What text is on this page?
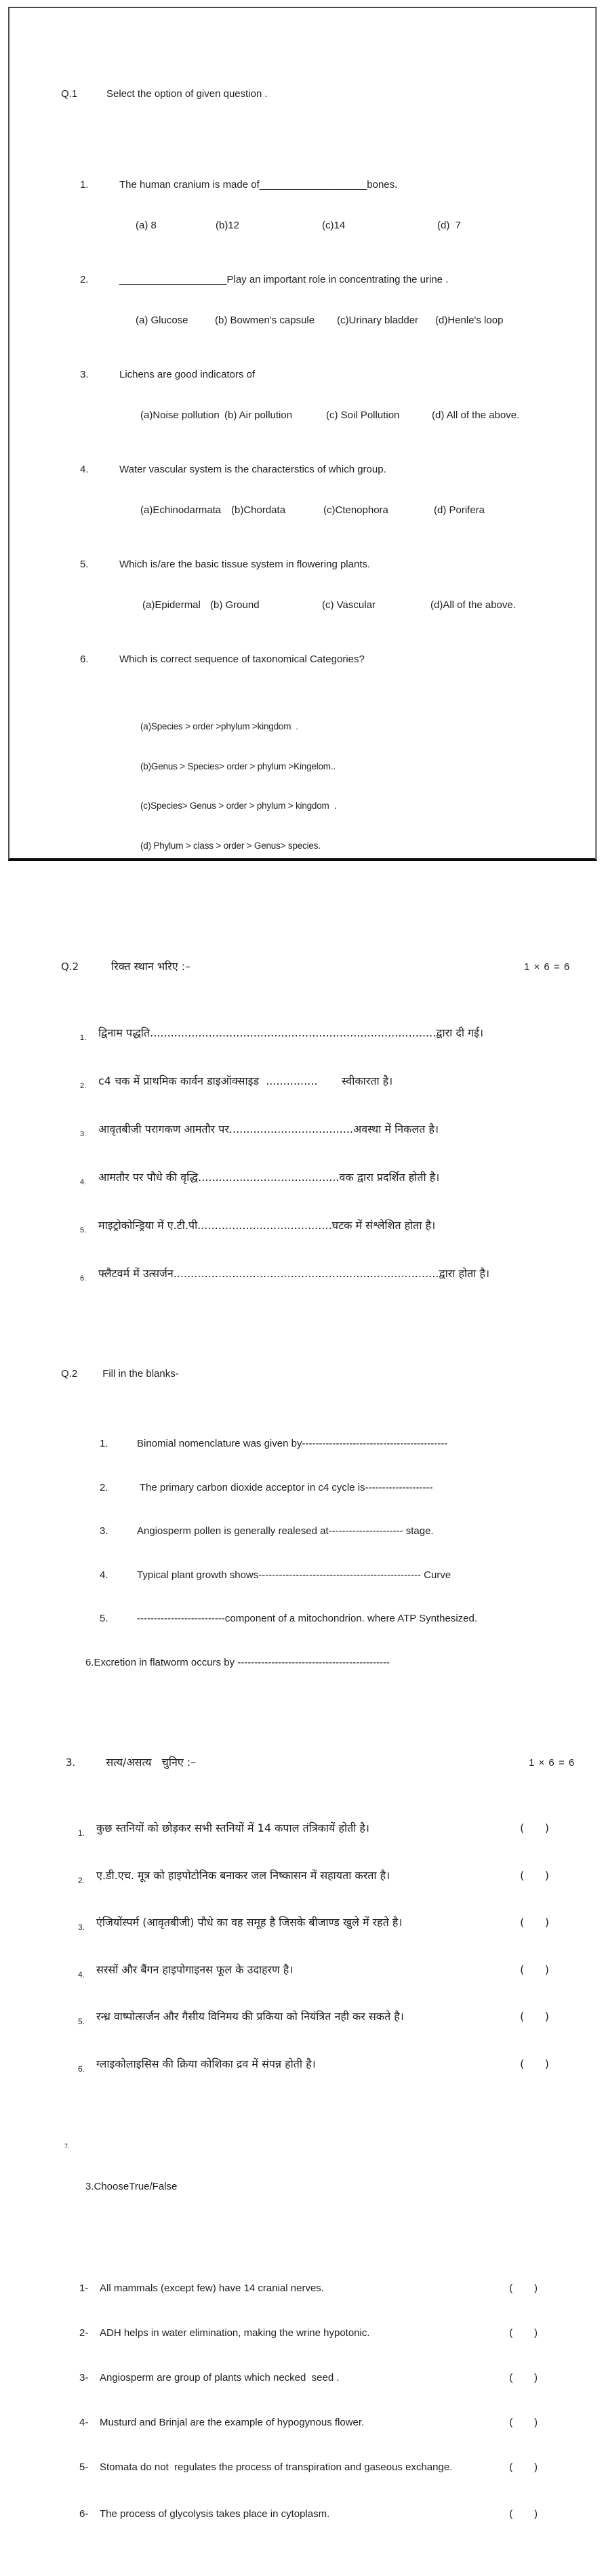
Q.1	Select the option of given question .

1.	The human cranium is made of___________________bones.

(a) 8	(b)12	(c)14	(d)  7

2.	___________________Play an important role in concentrating the urine .

(a) Glucose	(b) Bowmen's capsule	(c)Urinary bladder	(d)Henle's loop

3.	Lichens are good indicators of

(a)Noise pollution (b) Air pollution	(c) Soil Pollution	(d) All of the above.

4.	Water vascular system is the characterstics of which group.

(a)Echinodarmata (b)Chordata	(c)Ctenophora	(d) Porifera

5.	Which is/are the basic tissue system in flowering plants.

(a)Epidermal (b) Ground	(c) Vascular	(d)All of the above.

6.	Which is correct sequence of taxonomical Categories?

(a)Species > order >phylum >kingdom  .

(b)Genus > Species> order > phylum >Kingelom..

(c)Species> Genus > order > phylum > kingdom  .

(d) Phylum > class > order > Genus> species.

Q.2	रिक्त स्थान भरिए :–	1 × 6 = 6

1.	द्विनाम पद्धति...................................................................................द्वारा दी गई।

2.	c4 चक में प्राथमिक कार्वन डाइऑक्साइड  ...............       स्वीकारता है।

3.	आवृतबीजी परागकण आमतौर पर....................................अवस्था में निकलत है।

4.	आमतौर पर पौधे की वृद्धि.........................................वक द्वारा प्रदर्शित होती है।

5.	माइट्रोकोन्ड्रिया में ए.टी.पी.......................................घटक में संश्लेशित होता है।

6.	फ्लैटवर्म में उत्सर्जन.............................................................................द्वारा होता है।

Q.2 Fill in the blanks-

1.	Binomial nomenclature was given by-------------------------------------------

2.	The primary carbon dioxide acceptor in c4 cycle is--------------------

3.	Angiosperm pollen is generally realesed at---------------------- stage.

4.	Typical plant growth shows------------------------------------------------ Curve

5.	--------------------------component of a mitochondrion. where ATP Synthesized.

6.Excretion in flatworm occurs by ---------------------------------------------

3.	सत्य/असत्य   चुनिए :–	1 × 6 = 6

1.	कुछ स्तनियों को छोड़कर सभी स्तनियों में 14 कपाल तंत्रिकायें होती है।	(    )

2.	ए.डी.एच. मूत्र को हाइपोटोनिक बनाकर जल निष्कासन में सहायता करता है।	(    )

3.	एंजियोंस्पर्म (आवृतबीजी) पौधे का वह समूह है जिसके बीजाण्ड खुले में रहते है।	(    )

4.	सरसों और बैंगन हाइपोगाइनस फूल के उदाहरण है।	(    )

5.	रन्ध्र वाष्पोत्सर्जन और गैसीय विनिमय की प्रकिया को नियंत्रित नही कर सकते है।	(    )

6.	ग्लाइकोलाइसिस की क्रिया कोशिका द्रव में संपन्न होती है।	(    )

7.

3.ChooseTrue/False

1-	All mammals (except few) have 14 cranial nerves.	(    )

2-	ADH helps in water elimination, making the wrine hypotonic.	(    )

3-	Angiosperm are group of plants which necked  seed .	(    )

4-	Musturd and Brinjal are the example of hypogynous flower.	(    )

5-	Stomata do not  regulates the process of transpiration and gaseous exchange.	(    )

6-	The process of glycolysis takes place in cytoplasm.	(    )
